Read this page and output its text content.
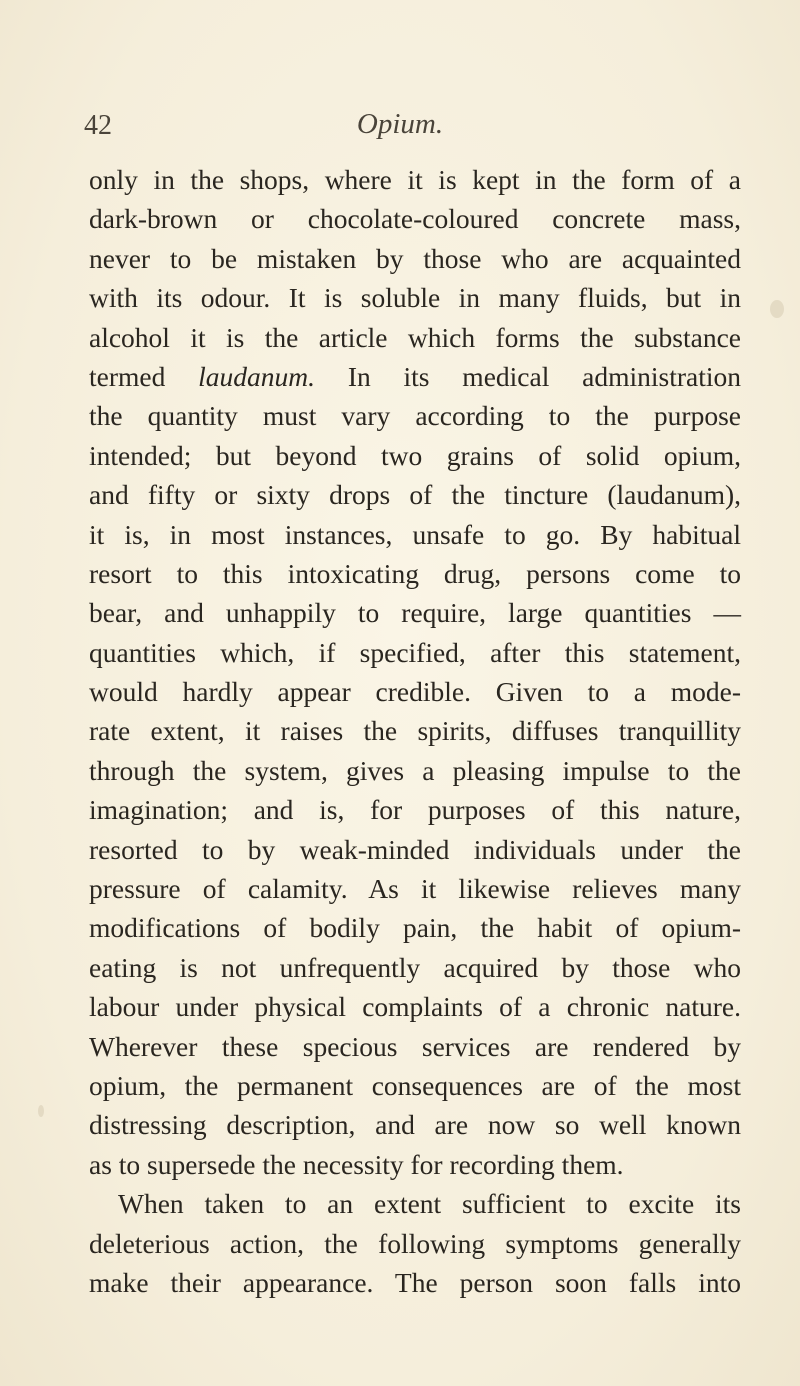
42	Opium.
only in the shops, where it is kept in the form of a
dark-brown or chocolate-coloured concrete mass,
never to be mistaken by those who are acquainted
with its odour. It is soluble in many fluids, but in
alcohol it is the article which forms the substance
termed laudanum. In its medical administration
the quantity must vary according to the purpose
intended; but beyond two grains of solid opium,
and fifty or sixty drops of the tincture (laudanum),
it is, in most instances, unsafe to go. By habitual
resort to this intoxicating drug, persons come to
bear, and unhappily to require, large quantities —
quantities which, if specified, after this statement,
would hardly appear credible. Given to a mode-
rate extent, it raises the spirits, diffuses tranquillity
through the system, gives a pleasing impulse to the
imagination; and is, for purposes of this nature,
resorted to by weak-minded individuals under the
pressure of calamity. As it likewise relieves many
modifications of bodily pain, the habit of opium-
eating is not unfrequently acquired by those who
labour under physical complaints of a chronic nature.
Wherever these specious services are rendered by
opium, the permanent consequences are of the most
distressing description, and are now so well known
as to supersede the necessity for recording them.
When taken to an extent sufficient to excite its
deleterious action, the following symptoms generally
make their appearance. The person soon falls into
